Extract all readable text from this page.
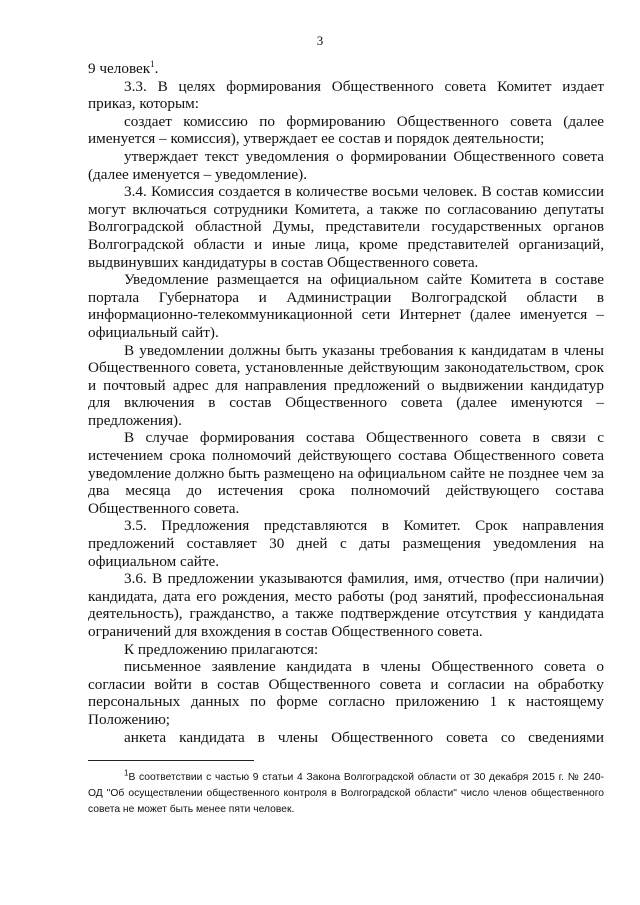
3

9 человек$^1$.

3.3. В целях формирования Общественного совета Комитет издает приказ, которым:

создает комиссию по формированию Общественного совета (далее именуется – комиссия), утверждает ее состав и порядок деятельности;

утверждает текст уведомления о формировании Общественного совета (далее именуется – уведомление).

3.4. Комиссия создается в количестве восьми человек. В состав комиссии могут включаться сотрудники Комитета, а также по согласованию депутаты Волгоградской областной Думы, представители государственных органов Волгоградской области и иные лица, кроме представителей организаций, выдвинувших кандидатуры в состав Общественного совета.

Уведомление размещается на официальном сайте Комитета в составе портала Губернатора и Администрации Волгоградской области в информационно-телекоммуникационной сети Интернет (далее именуется – официальный сайт).

В уведомлении должны быть указаны требования к кандидатам в члены Общественного совета, установленные действующим законодательством, срок и почтовый адрес для направления предложений о выдвижении кандидатур для включения в состав Общественного совета (далее именуются – предложения).

В случае формирования состава Общественного совета в связи с истечением срока полномочий действующего состава Общественного совета уведомление должно быть размещено на официальном сайте не позднее чем за два месяца до истечения срока полномочий действующего состава Общественного совета.

3.5. Предложения представляются в Комитет. Срок направления предложений составляет 30 дней с даты размещения уведомления на официальном сайте.

3.6. В предложении указываются фамилия, имя, отчество (при наличии) кандидата, дата его рождения, место работы (род занятий, профессиональная деятельность), гражданство, а также подтверждение отсутствия у кандидата ограничений для вхождения в состав Общественного совета.

К предложению прилагаются:

письменное заявление кандидата в члены Общественного совета о согласии войти в состав Общественного совета и согласии на обработку персональных данных по форме согласно приложению 1 к настоящему Положению;

анкета кандидата в члены Общественного совета со сведениями

$^1$В соответствии с частью 9 статьи 4 Закона Волгоградской области от 30 декабря 2015 г. № 240-ОД "Об осуществлении общественного контроля в Волгоградской области" число членов общественного совета не может быть менее пяти человек.
